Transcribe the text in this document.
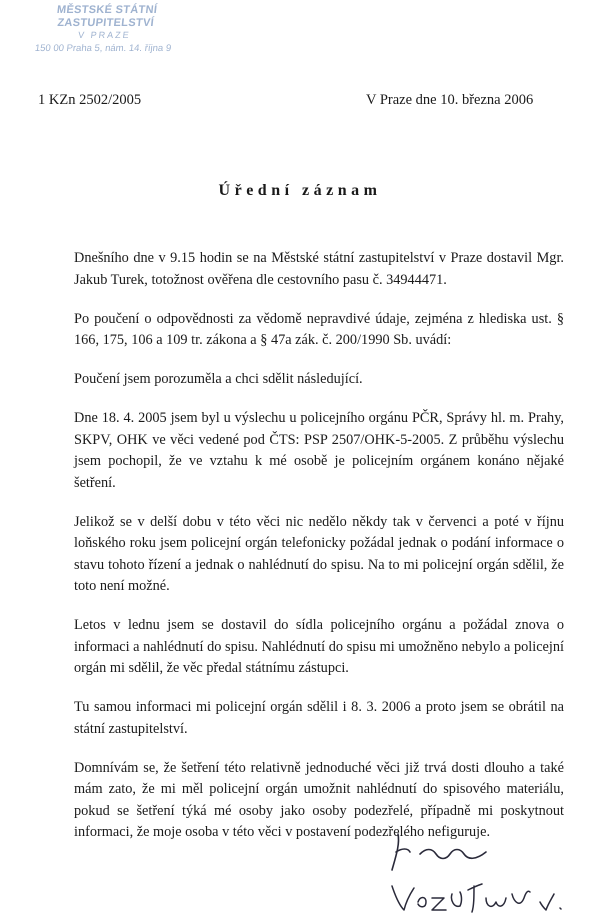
MĚSTSKÉ STÁTNÍ ZASTUPITELSTVÍ
V PRAZE
150 00 Praha 5, nám. 14. října 9
1 KZn 2502/2005	V Praze dne 10. března 2006
Úřední záznam

Dnešního dne v 9.15 hodin se na Městské státní zastupitelství v Praze dostavil Mgr. Jakub Turek, totožnost ověřena dle cestovního pasu č. 34944471.

Po poučení o odpovědnosti za vědomě nepravdivé údaje, zejména z hlediska ust. § 166, 175, 106 a 109 tr. zákona a § 47a zák. č. 200/1990 Sb. uvádí:

Poučení jsem porozuměla a chci sdělit následující.

Dne 18. 4. 2005 jsem byl u výslechu u policejního orgánu PČR, Správy hl. m. Prahy, SKPV, OHK ve věci vedené pod ČTS: PSP 2507/OHK-5-2005. Z průběhu výslechu jsem pochopil, že ve vztahu k mé osobě je policejním orgánem konáno nějaké šetření.

Jelikož se v delší dobu v této věci nic nedělo někdy tak v červenci a poté v říjnu loňského roku jsem policejní orgán telefonicky požádal jednak o podání informace o stavu tohoto řízení a jednak o nahlédnutí do spisu. Na to mi policejní orgán sdělil, že toto není možné.

Letos v lednu jsem se dostavil do sídla policejního orgánu a požádal znova o informaci a nahlédnutí do spisu. Nahlédnutí do spisu mi umožněno nebylo a policejní orgán mi sdělil, že věc předal státnímu zástupci.

Tu samou informaci mi policejní orgán sdělil i 8. 3. 2006 a proto jsem se obrátil na státní zastupitelství.

Domnívám se, že šetření této relativně jednoduché věci již trvá dosti dlouho a také mám zato, že mi měl policejní orgán umožnit nahlédnutí do spisového materiálu, pokud se šetření týká mé osoby jako osoby podezřelé, případně mi poskytnout informaci, že moje osoba v této věci v postavení podezřelého nefiguruje.
